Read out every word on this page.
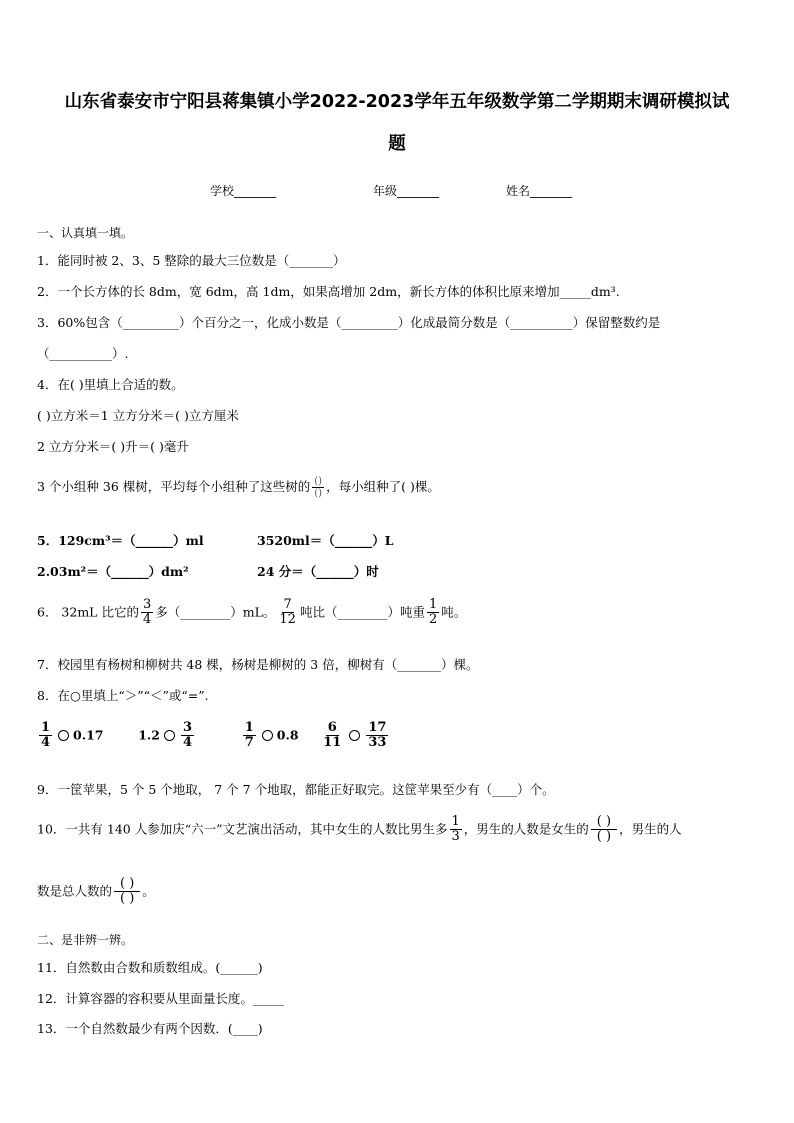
山东省泰安市宁阳县蒋集镇小学2022-2023学年五年级数学第二学期期末调研模拟试
题
学校_______	年级_______	姓名_______
一、认真填一填。
1．能同时被 2、3、5 整除的最大三位数是（_______）
2．一个长方体的长 8dm，宽 6dm，高 1dm，如果高增加 2dm，新长方体的体积比原来增加_____dm³.
3．60%包含（_________）个百分之一，化成小数是（_________）化成最简分数是（__________）保留整数约是
（__________）.
4．在( )里填上合适的数。
( )立方米＝1 立方分米＝( )立方厘米
2 立方分米＝( )升＝( )毫升
3 个小组种 36 棵树，平均每个小组种了这些树的 $\frac{()}{()}$ ，每小组种了( )棵。
5．129cm³＝（______）ml	3520ml＝（______）L
2.03m²＝（______）dm²	24 分＝（______）时
6． 32mL 比它的 $\frac{3}{4}$ 多（________）mL。 $\frac{7}{12}$ 吨比（________）吨重 $\frac{1}{2}$ 吨。
7．校园里有杨树和柳树共 48 棵，杨树是柳树的 3 倍，柳树有（_______）棵。
8．在○里填上“＞”“＜”或“=”.
$\frac{1}{4} 0.17$	$1.2 \frac{3}{4}$
	$\frac{1}{7} 0.8 \frac{6}{11} \frac{17}{33}$
9．一筐苹果，5 个 5 个地取， 7 个 7 个地取，都能正好取完。这筐苹果至少有（____）个。
10．一共有 140 人参加庆“六一”文艺演出活动，其中女生的人数比男生多 $\frac{1}{3}$ ，男生的人数是女生的 $\frac{( )}{( )}$ ，男生的人
数是总人数的 $\frac{( )}{( )}$ 。
二、是非辨一辨。
11．自然数由合数和质数组成。(______)
12．计算容器的容积要从里面量长度。_____
13．一个自然数最少有两个因数．(____)
